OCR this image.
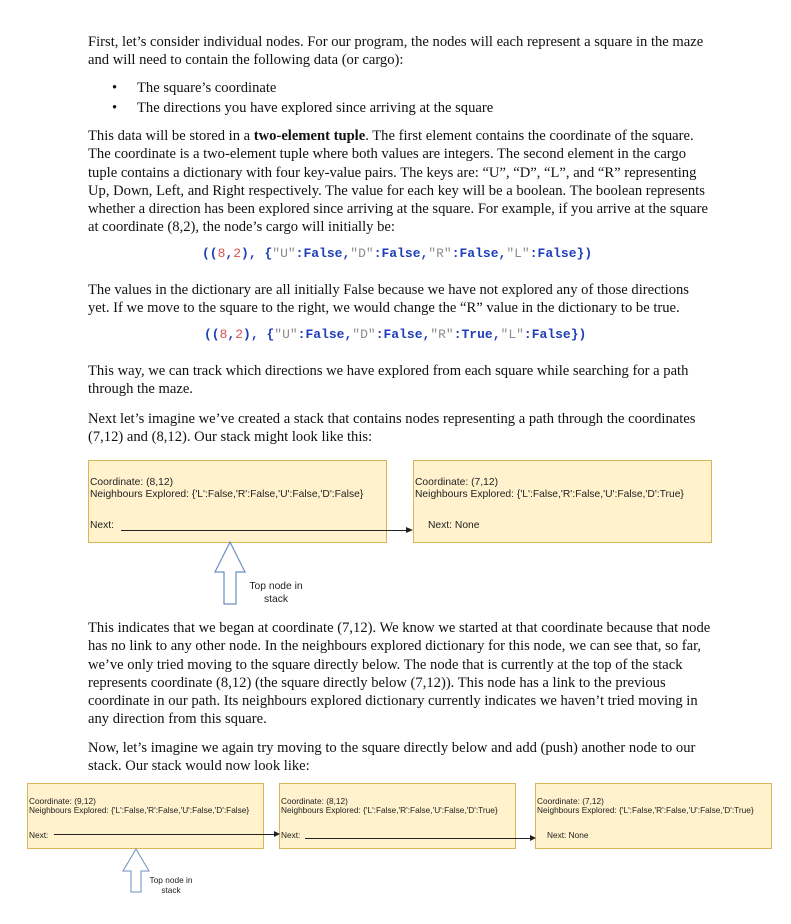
First, let’s consider individual nodes. For our program, the nodes will each represent a square in the maze and will need to contain the following data (or cargo):

• The square’s coordinate
• The directions you have explored since arriving at the square

This data will be stored in a two-element tuple. The first element contains the coordinate of the square. The coordinate is a two-element tuple where both values are integers. The second element in the cargo tuple contains a dictionary with four key-value pairs. The keys are: “U”, “D”, “L”, and “R” representing Up, Down, Left, and Right respectively. The value for each key will be a boolean. The boolean represents whether a direction has been explored since arriving at the square. For example, if you arrive at the square at coordinate (8,2), the node’s cargo will initially be:

((8,2), {"U":False,"D":False,"R":False,"L":False})

The values in the dictionary are all initially False because we have not explored any of those directions yet. If we move to the square to the right, we would change the “R” value in the dictionary to be true.

((8,2), {"U":False,"D":False,"R":True,"L":False})

This way, we can track which directions we have explored from each square while searching for a path through the maze.

Next let’s imagine we’ve created a stack that contains nodes representing a path through the coordinates (7,12) and (8,12). Our stack might look like this:

Coordinate: (8,12)
Neighbours Explored: {'L':False,'R':False,'U':False,'D':False}
Next:
Coordinate: (7,12)
Neighbours Explored: {'L':False,'R':False,'U':False,'D':True}
Next: None
Top node in
stack

This indicates that we began at coordinate (7,12). We know we started at that coordinate because that node has no link to any other node. In the neighbours explored dictionary for this node, we can see that, so far, we’ve only tried moving to the square directly below. The node that is currently at the top of the stack represents coordinate (8,12) (the square directly below (7,12)). This node has a link to the previous coordinate in our path. Its neighbours explored dictionary currently indicates we haven’t tried moving in any direction from this square.

Now, let’s imagine we again try moving to the square directly below and add (push) another node to our stack. Our stack would now look like:

Coordinate: (9,12)
Neighbours Explored: {'L':False,'R':False,'U':False,'D':False}
Next:
Coordinate: (8,12)
Neighbours Explored: {'L':False,'R':False,'U':False,'D':True}
Next:
Coordinate: (7,12)
Neighbours Explored: {'L':False,'R':False,'U':False,'D':True}
Next: None
Top node in
stack
